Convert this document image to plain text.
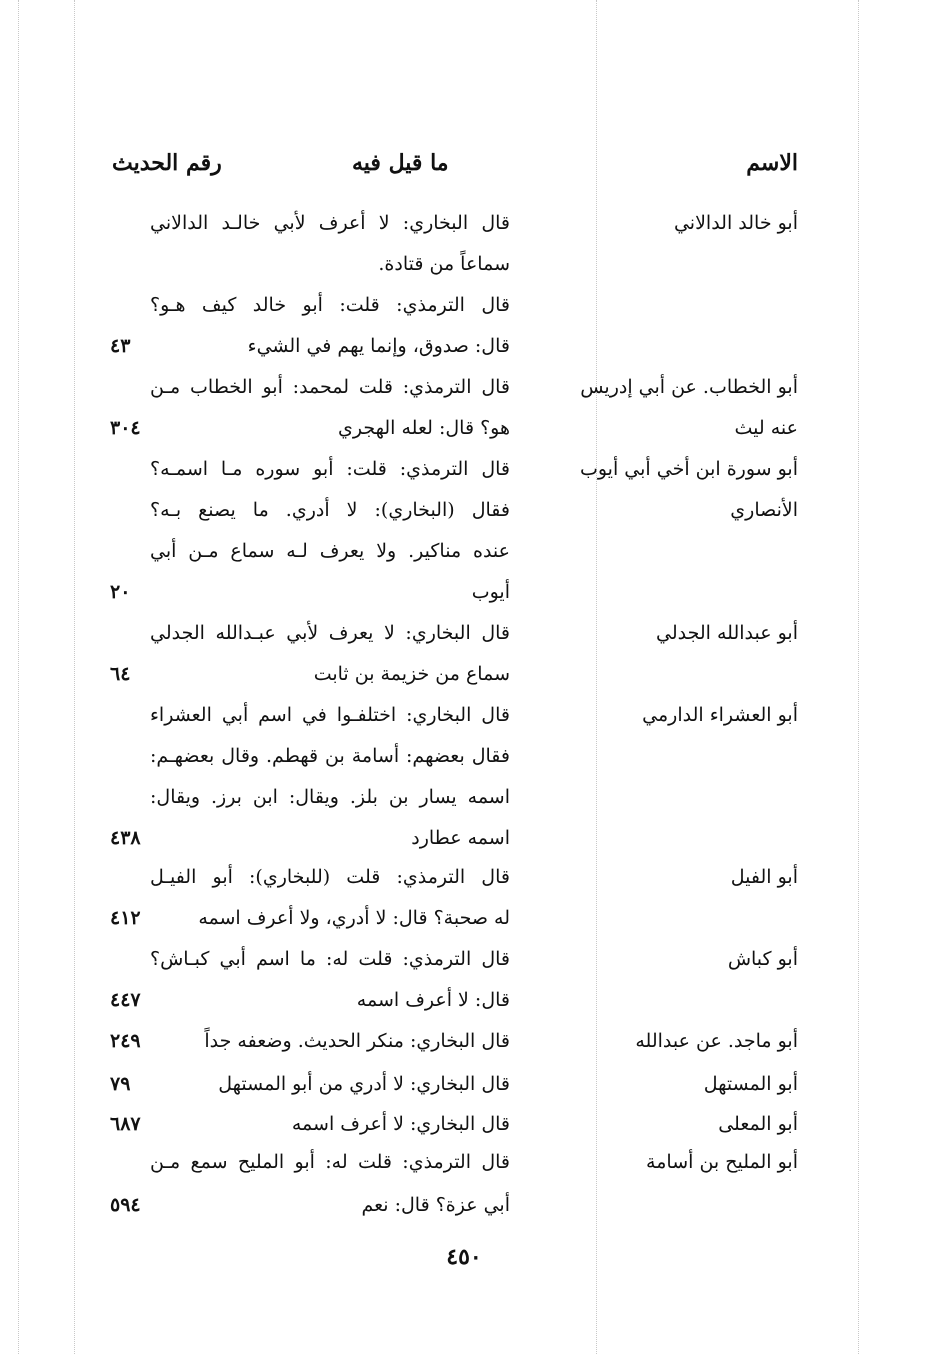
الاسم
ما قيل فيه
رقم الحديث
أبو خالد الدالاني
قال البخاري: لا أعرف لأبي خالـد الدالاني
سماعاً من قتادة.
قال الترمذي: قلت: أبو خالد كيف هـو؟
قال: صدوق، وإنما يهم في الشيء
٤٣
أبو الخطاب. عن أبي إدريس
عنه ليث
قال الترمذي: قلت لمحمد: أبو الخطاب مـن
هو؟ قال: لعله الهجري
٣٠٤
أبو سورة ابن أخي أبي أيوب
الأنصاري
قال الترمذي: قلت: أبو سوره مـا اسمـه؟
فقال (البخاري): لا أدري. ما يصنع بـه؟
عنده مناكير. ولا يعرف لـه سماع مـن أبي
أيوب
٢٠
أبو عبدالله الجدلي
قال البخاري: لا يعرف لأبي عبـدالله الجدلي
سماع من خزيمة بن ثابت
٦٤
أبو العشراء الدارمي
قال البخاري: اختلفـوا في اسم أبي العشراء
فقال بعضهم: أسامة بن قهطم. وقال بعضهـم:
اسمه يسار بن بلز. ويقال: ابن برز. ويقال:
اسمه عطارد
٤٣٨
أبو الفيل
قال الترمذي: قلت (للبخاري): أبو الفيـل
له صحبة؟ قال: لا أدري، ولا أعرف اسمه
٤١٢
أبو كباش
قال الترمذي: قلت له: ما اسم أبي كبـاش؟
قال: لا أعرف اسمه
٤٤٧
أبو ماجد. عن عبدالله
قال البخاري: منكر الحديث. وضعفه جداً
٢٤٩
أبو المستهل
قال البخاري: لا أدري من أبو المستهل
٧٩
أبو المعلى
قال البخاري: لا أعرف اسمه
٦٨٧
أبو المليح بن أسامة
قال الترمذي: قلت له: أبو المليح سمع مـن
أبي عزة؟ قال: نعم
٥٩٤
٤٥٠
